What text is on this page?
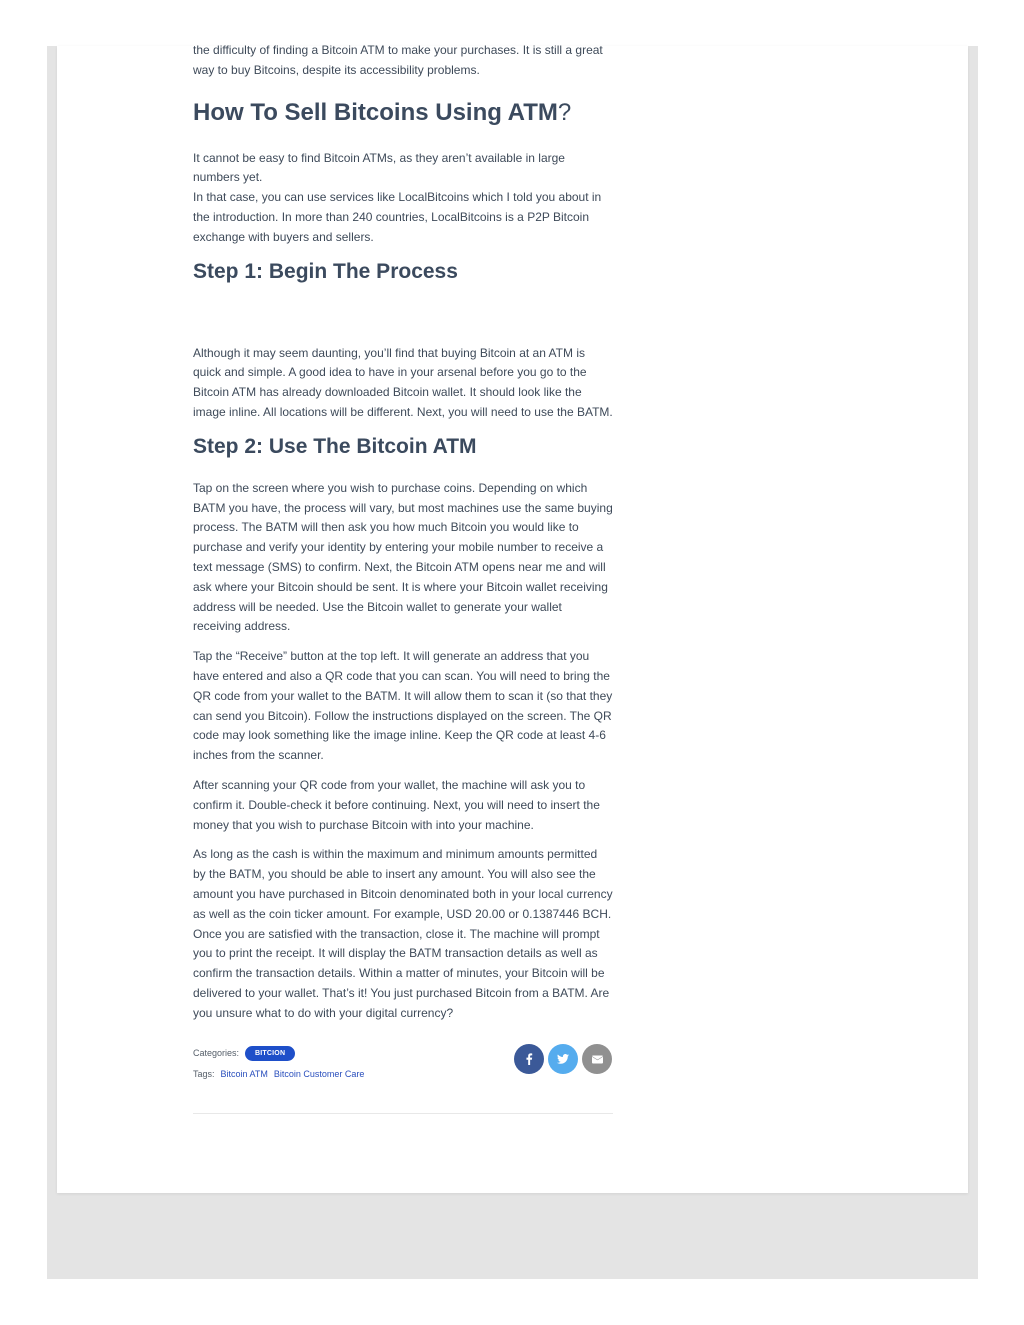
the difficulty of finding a Bitcoin ATM to make your purchases. It is still a great way to buy Bitcoins, despite its accessibility problems.

How To Sell Bitcoins Using ATM?

It cannot be easy to find Bitcoin ATMs, as they aren’t available in large numbers yet.

In that case, you can use services like LocalBitcoins which I told you about in the introduction. In more than 240 countries, LocalBitcoins is a P2P Bitcoin exchange with buyers and sellers.

Step 1: Begin The Process

Although it may seem daunting, you’ll find that buying Bitcoin at an ATM is quick and simple. A good idea to have in your arsenal before you go to the Bitcoin ATM has already downloaded Bitcoin wallet. It should look like the image inline. All locations will be different. Next, you will need to use the BATM.

Step 2: Use The Bitcoin ATM

Tap on the screen where you wish to purchase coins. Depending on which BATM you have, the process will vary, but most machines use the same buying process. The BATM will then ask you how much Bitcoin you would like to purchase and verify your identity by entering your mobile number to receive a text message (SMS) to confirm. Next, the Bitcoin ATM opens near me and will ask where your Bitcoin should be sent. It is where your Bitcoin wallet receiving address will be needed. Use the Bitcoin wallet to generate your wallet receiving address.

Tap the “Receive” button at the top left. It will generate an address that you have entered and also a QR code that you can scan. You will need to bring the QR code from your wallet to the BATM. It will allow them to scan it (so that they can send you Bitcoin). Follow the instructions displayed on the screen. The QR code may look something like the image inline. Keep the QR code at least 4-6 inches from the scanner.

After scanning your QR code from your wallet, the machine will ask you to confirm it. Double-check it before continuing. Next, you will need to insert the money that you wish to purchase Bitcoin with into your machine.

As long as the cash is within the maximum and minimum amounts permitted by the BATM, you should be able to insert any amount. You will also see the amount you have purchased in Bitcoin denominated both in your local currency as well as the coin ticker amount. For example, USD 20.00 or 0.1387446 BCH. Once you are satisfied with the transaction, close it. The machine will prompt you to print the receipt. It will display the BATM transaction details as well as confirm the transaction details. Within a matter of minutes, your Bitcoin will be delivered to your wallet. That’s it! You just purchased Bitcoin from a BATM. Are you unsure what to do with your digital currency?

Categories:	BITCION
Tags: Bitcoin ATM Bitcoin Customer Care
